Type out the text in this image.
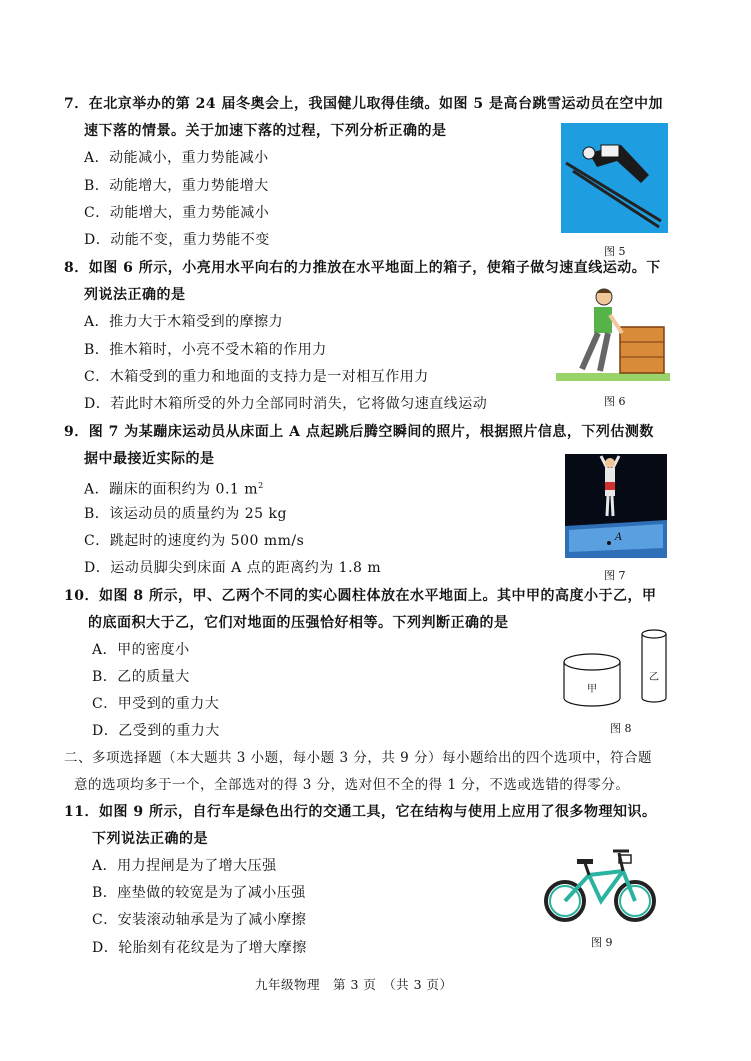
7．在北京举办的第 24 届冬奥会上，我国健儿取得佳绩。如图 5 是高台跳雪运动员在空中加
速下落的情景。关于加速下落的过程，下列分析正确的是
A．动能减小，重力势能减小
B．动能增大，重力势能增大
C．动能增大，重力势能减小
D．动能不变，重力势能不变
图 5
8．如图 6 所示，小亮用水平向右的力推放在水平地面上的箱子，使箱子做匀速直线运动。下
列说法正确的是
A．推力大于木箱受到的摩擦力
B．推木箱时，小亮不受木箱的作用力
C．木箱受到的重力和地面的支持力是一对相互作用力
D．若此时木箱所受的外力全部同时消失，它将做匀速直线运动	图 6
9．图 7 为某蹦床运动员从床面上 A 点起跳后腾空瞬间的照片，根据照片信息，下列估测数
据中最接近实际的是
A．蹦床的面积约为 0.1 $m^2$
B．该运动员的质量约为 25 kg
C．跳起时的速度约为 500 mm/s
D．运动员脚尖到床面 A 点的距离约为 1.8 m
A
图 7
10．如图 8 所示，甲、乙两个不同的实心圆柱体放在水平地面上。其中甲的高度小于乙，甲
的底面积大于乙，它们对地面的压强恰好相等。下列判断正确的是
A．甲的密度小
B．乙的质量大
C．甲受到的重力大
D．乙受到的重力大
甲
乙
图 8
二、多项选择题（本大题共 3 小题，每小题 3 分，共 9 分）每小题给出的四个选项中，符合题
意的选项均多于一个，全部选对的得 3 分，选对但不全的得 1 分，不选或选错的得零分。
11．如图 9 所示，自行车是绿色出行的交通工具，它在结构与使用上应用了很多物理知识。
下列说法正确的是
A．用力捏闸是为了增大压强
B．座垫做的较宽是为了减小压强
C．安装滚动轴承是为了减小摩擦
D．轮胎刻有花纹是为了增大摩擦	图 9
九年级物理　第 3 页　（共 3 页）
